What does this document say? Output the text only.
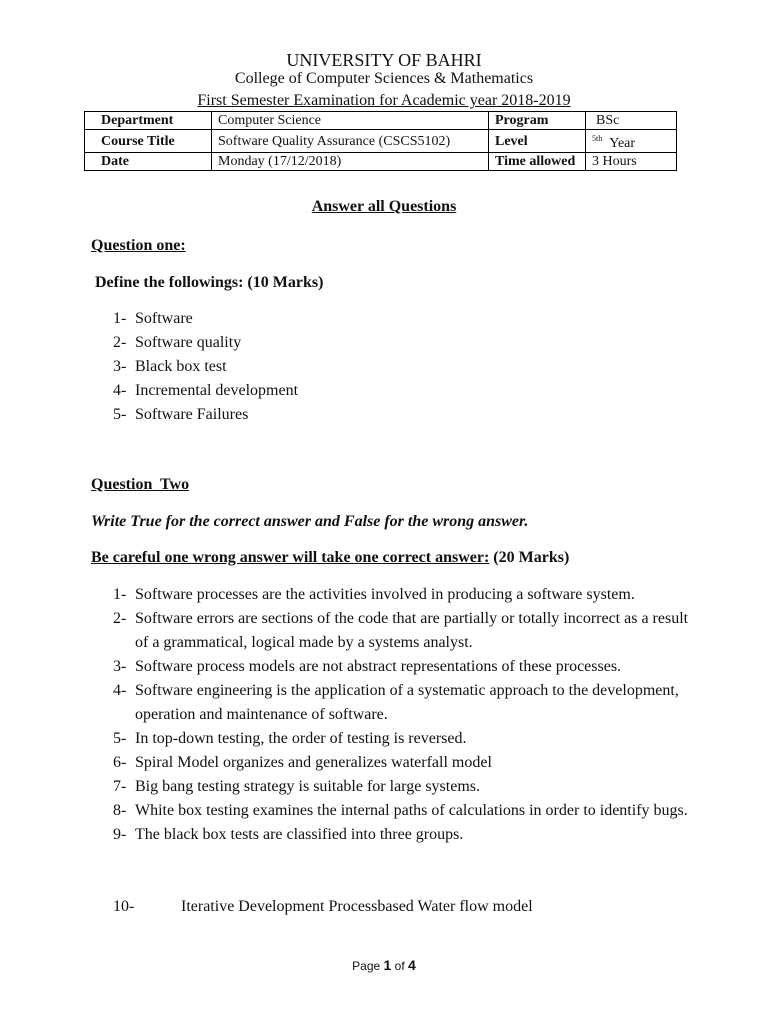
UNIVERSITY OF BAHRI
College of Computer Sciences & Mathematics
First Semester Examination for Academic year 2018-2019
Department	Computer Science	Program	BSc
Course Title	Software Quality Assurance (CSCS5102)	Level	$^{5th}$ Year
Date	Monday (17/12/2018)	Time allowed	3 Hours
Answer all Questions
Question one:
Define the followings: (10 Marks)
1- Software
2- Software quality
3- Black box test
4- Incremental development
5- Software Failures
Question  Two
Write True for the correct answer and False for the wrong answer.
Be careful one wrong answer will take one correct answer: (20 Marks)
1- Software processes are the activities involved in producing a software system.
2- Software errors are sections of the code that are partially or totally incorrect as a result of a grammatical, logical made by a systems analyst.
3- Software process models are not abstract representations of these processes.
4- Software engineering is the application of a systematic approach to the development, operation and maintenance of software.
5- In top-down testing, the order of testing is reversed.
6- Spiral Model organizes and generalizes waterfall model
7- Big bang testing strategy is suitable for large systems.
8- White box testing examines the internal paths of calculations in order to identify bugs.
9- The black box tests are classified into three groups.
10-	Iterative Development Processbased Water flow model
Page 1 of 4
